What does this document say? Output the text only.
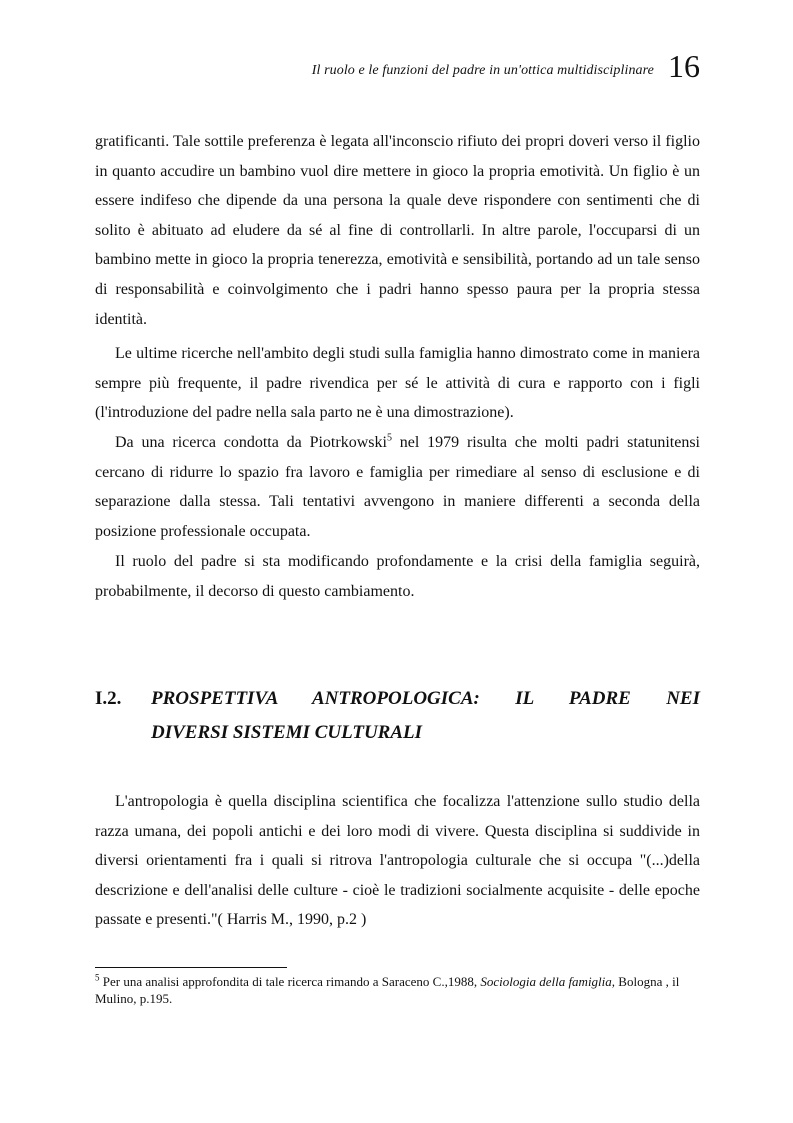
Il ruolo e le funzioni del padre in un'ottica multidisciplinare 16

gratificanti. Tale sottile preferenza è legata all'inconscio rifiuto dei propri doveri verso il figlio in quanto accudire un bambino vuol dire mettere in gioco la propria emotività. Un figlio è un essere indifeso che dipende da una persona la quale deve rispondere con sentimenti che di solito è abituato ad eludere da sé al fine di controllarli. In altre parole, l'occuparsi di un bambino mette in gioco la propria tenerezza, emotività e sensibilità, portando ad un tale senso di responsabilità e coinvolgimento che i padri hanno spesso paura per la propria stessa identità.

Le ultime ricerche nell'ambito degli studi sulla famiglia hanno dimostrato come in maniera sempre più frequente, il padre rivendica per sé le attività di cura e rapporto con i figli (l'introduzione del padre nella sala parto ne è una dimostrazione).

Da una ricerca condotta da Piotrkowski$^5$ nel 1979 risulta che molti padri statunitensi cercano di ridurre lo spazio fra lavoro e famiglia per rimediare al senso di esclusione e di separazione dalla stessa. Tali tentativi avvengono in maniere differenti a seconda della posizione professionale occupata.

Il ruolo del padre si sta modificando profondamente e la crisi della famiglia seguirà, probabilmente, il decorso di questo cambiamento.

I.2. PROSPETTIVA ANTROPOLOGICA: IL PADRE NEI
DIVERSI SISTEMI CULTURALI

L'antropologia è quella disciplina scientifica che focalizza l'attenzione sullo studio della razza umana, dei popoli antichi e dei loro modi di vivere. Questa disciplina si suddivide in diversi orientamenti fra i quali si ritrova l'antropologia culturale che si occupa "(...)della descrizione e dell'analisi delle culture - cioè le tradizioni socialmente acquisite - delle epoche passate e presenti."( Harris M., 1990, p.2 )

$^5$ Per una analisi approfondita di tale ricerca rimando a Saraceno C.,1988, Sociologia della famiglia, Bologna , il Mulino, p.195.
